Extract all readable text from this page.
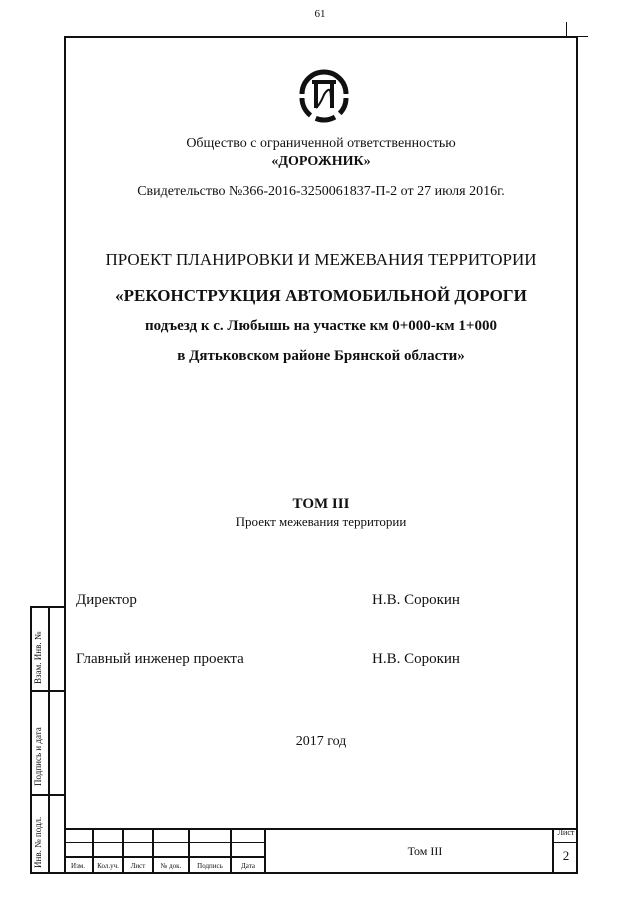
61
Взам. Инв. №
Подпись и дата
Инв. № подл.
Общество с ограниченной ответственностью
«ДОРОЖНИК»
Свидетельство №366-2016-3250061837-П-2 от 27 июля 2016г.
ПРОЕКТ ПЛАНИРОВКИ И МЕЖЕВАНИЯ ТЕРРИТОРИИ
«РЕКОНСТРУКЦИЯ АВТОМОБИЛЬНОЙ ДОРОГИ
подъезд к с. Любышь на участке км 0+000-км 1+000
в Дятьковском районе Брянской области»
ТОМ III
Проект межевания территории
Директор	Н.В. Сорокин
Главный инженер проекта	Н.В. Сорокин
2017 год
Изм.	Кол.уч.	Лист	№ док.	Подпись	Дата
Том III
Лист
2
